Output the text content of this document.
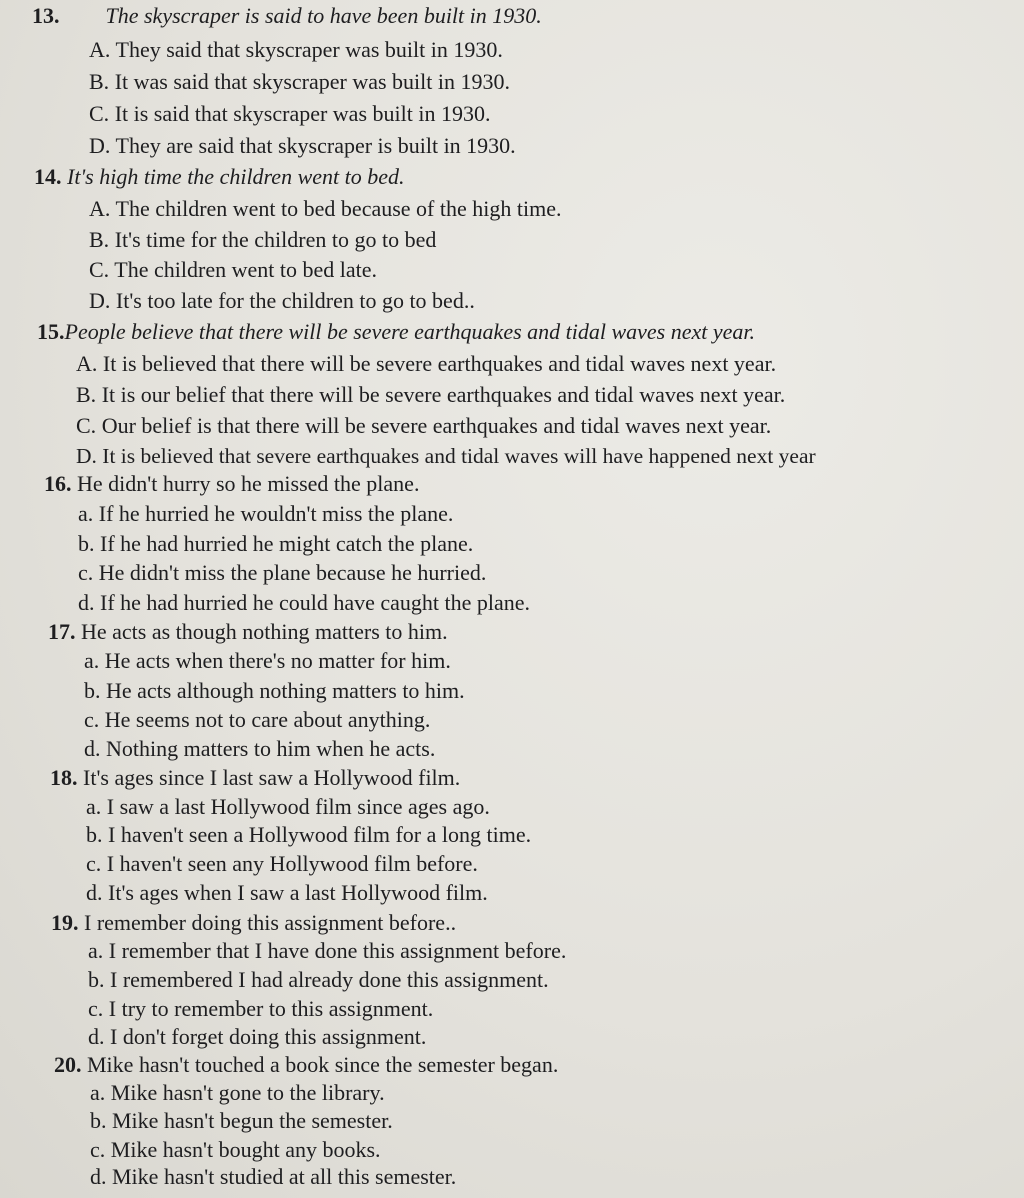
13. The skyscraper is said to have been built in 1930.
A. They said that skyscraper was built in 1930.
B. It was said that skyscraper was built in 1930.
C. It is said that skyscraper was built in 1930.
D. They are said that skyscraper is built in 1930.
14. It's high time the children went to bed.
A. The children went to bed because of the high time.
B. It's time for the children to go to bed
C. The children went to bed late.
D. It's too late for the children to go to bed..
15.People believe that there will be severe earthquakes and tidal waves next year.
A. It is believed that there will be severe earthquakes and tidal waves next year.
B. It is our belief that there will be severe earthquakes and tidal waves next year.
C. Our belief is that there will be severe earthquakes and tidal waves next year.
D. It is believed that severe earthquakes and tidal waves will have happened next year
16. He didn't hurry so he missed the plane.
a. If he hurried he wouldn't miss the plane.
b. If he had hurried he might catch the plane.
c. He didn't miss the plane because he hurried.
d. If he had hurried he could have caught the plane.
17. He acts as though nothing matters to him.
a. He acts when there's no matter for him.
b. He acts although nothing matters to him.
c. He seems not to care about anything.
d. Nothing matters to him when he acts.
18. It's ages since I last saw a Hollywood film.
a. I saw a last Hollywood film since ages ago.
b. I haven't seen a Hollywood film for a long time.
c. I haven't seen any Hollywood film before.
d. It's ages when I saw a last Hollywood film.
19. I remember doing this assignment before..
a. I remember that I have done this assignment before.
b. I remembered I had already done this assignment.
c. I try to remember to this assignment.
d. I don't forget doing this assignment.
20. Mike hasn't touched a book since the semester began.
a. Mike hasn't gone to the library.
b. Mike hasn't begun the semester.
c. Mike hasn't bought any books.
d. Mike hasn't studied at all this semester.
